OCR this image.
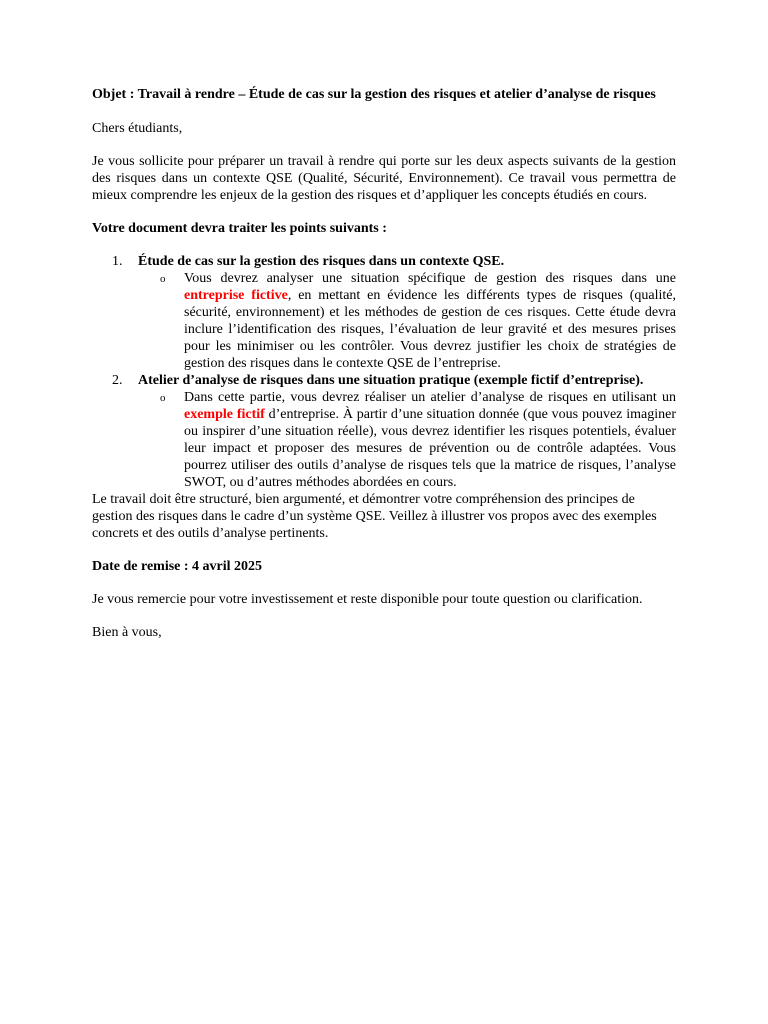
Objet : Travail à rendre – Étude de cas sur la gestion des risques et atelier d’analyse de risques

Chers étudiants,

Je vous sollicite pour préparer un travail à rendre qui porte sur les deux aspects suivants de la gestion des risques dans un contexte QSE (Qualité, Sécurité, Environnement). Ce travail vous permettra de mieux comprendre les enjeux de la gestion des risques et d’appliquer les concepts étudiés en cours.

Votre document devra traiter les points suivants :

1. Étude de cas sur la gestion des risques dans un contexte QSE.

o Vous devrez analyser une situation spécifique de gestion des risques dans une entreprise fictive, en mettant en évidence les différents types de risques (qualité, sécurité, environnement) et les méthodes de gestion de ces risques. Cette étude devra inclure l’identification des risques, l’évaluation de leur gravité et des mesures prises pour les minimiser ou les contrôler. Vous devrez justifier les choix de stratégies de gestion des risques dans le contexte QSE de l’entreprise.

2. Atelier d’analyse de risques dans une situation pratique (exemple fictif d’entreprise).

o Dans cette partie, vous devrez réaliser un atelier d’analyse de risques en utilisant un exemple fictif d’entreprise. À partir d’une situation donnée (que vous pouvez imaginer ou inspirer d’une situation réelle), vous devrez identifier les risques potentiels, évaluer leur impact et proposer des mesures de prévention ou de contrôle adaptées. Vous pourrez utiliser des outils d’analyse de risques tels que la matrice de risques, l’analyse SWOT, ou d’autres méthodes abordées en cours.

Le travail doit être structuré, bien argumenté, et démontrer votre compréhension des principes de gestion des risques dans le cadre d’un système QSE. Veillez à illustrer vos propos avec des exemples concrets et des outils d’analyse pertinents.

Date de remise : 4 avril 2025

Je vous remercie pour votre investissement et reste disponible pour toute question ou clarification.

Bien à vous,
